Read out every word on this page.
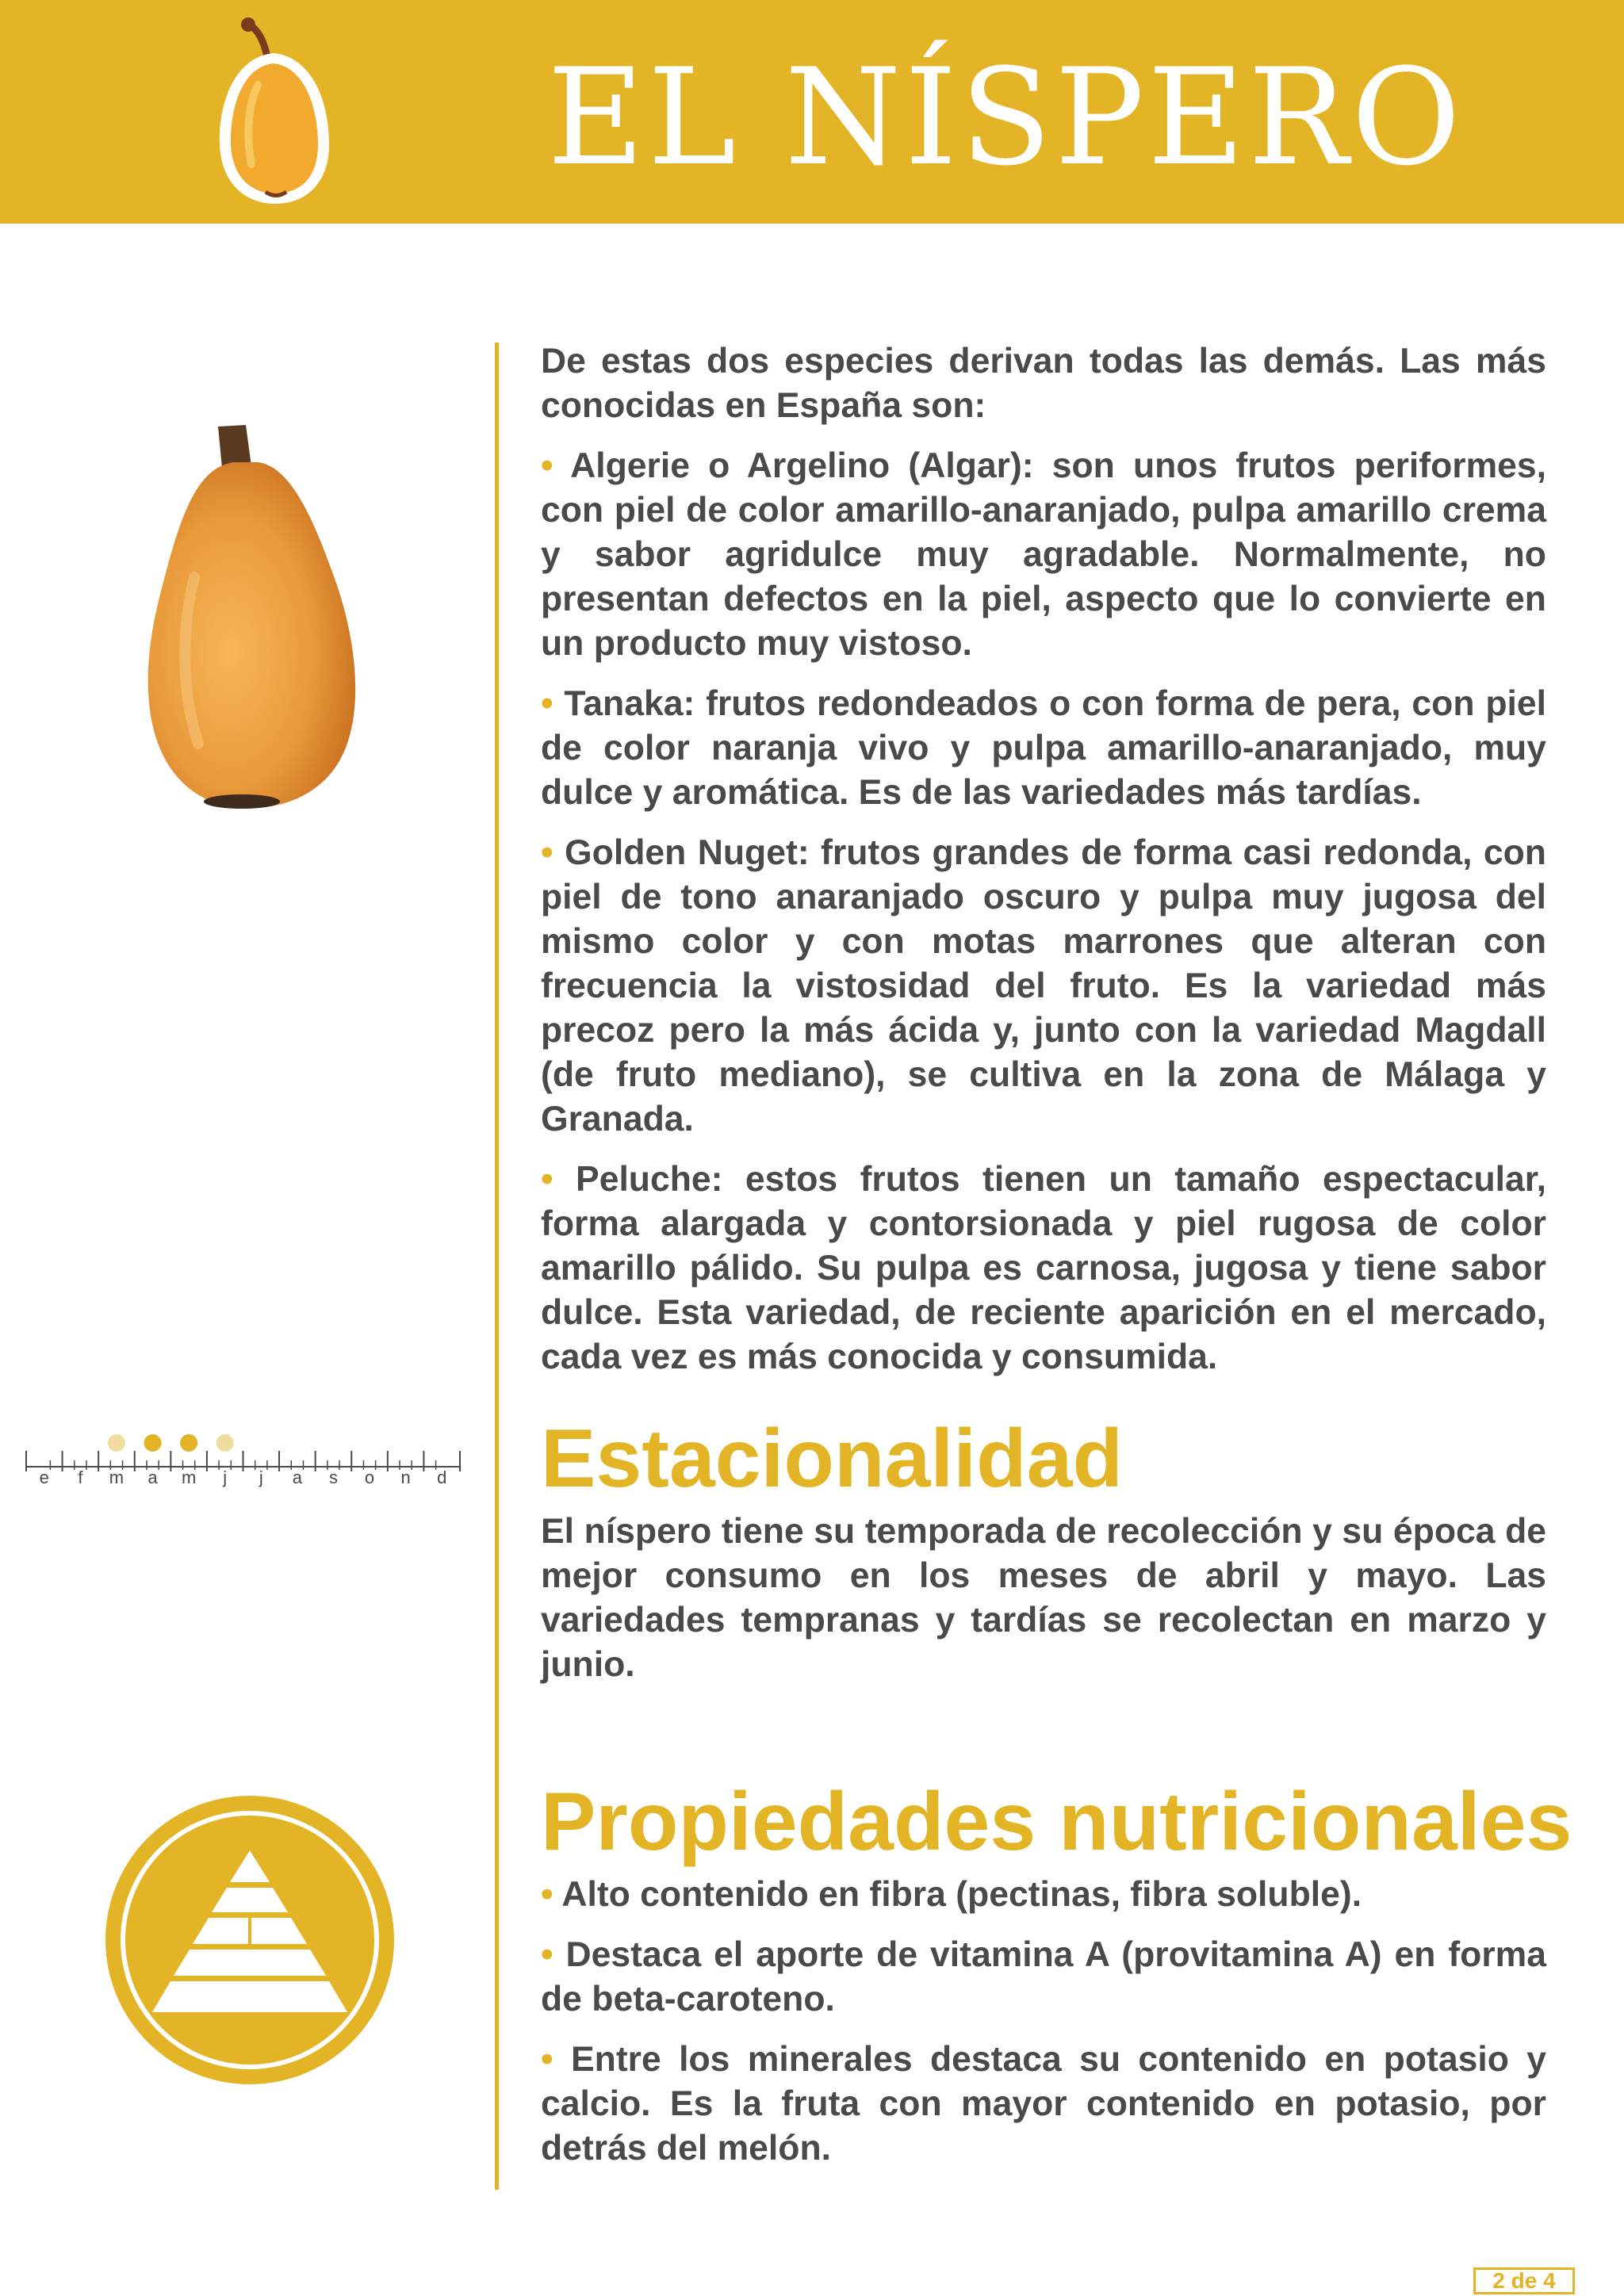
EL NÍSPERO

De estas dos especies derivan todas las demás. Las más conocidas en España son:

• Algerie o Argelino (Algar): son unos frutos periformes, con piel de color amarillo-anaranjado, pulpa amarillo crema y sabor agridulce muy agradable. Normalmente, no presentan defectos en la piel, aspecto que lo convierte en un producto muy vistoso.

• Tanaka: frutos redondeados o con forma de pera, con piel de color naranja vivo y pulpa amarillo-anaranjado, muy dulce y aromática. Es de las variedades más tardías.

• Golden Nuget: frutos grandes de forma casi redonda, con piel de tono anaranjado oscuro y pulpa muy jugosa del mismo color y con motas marrones que alteran con frecuencia la vistosidad del fruto. Es la variedad más precoz pero la más ácida y, junto con la variedad Magdall (de fruto mediano), se cultiva en la zona de Málaga y Granada.

• Peluche: estos frutos tienen un tamaño espectacular, forma alargada y contorsionada y piel rugosa de color amarillo pálido. Su pulpa es carnosa, jugosa y tiene sabor dulce. Esta variedad, de reciente aparición en el mercado, cada vez es más conocida y consumida.

e f m a m j j a s o n d Estacionalidad

El níspero tiene su temporada de recolección y su época de mejor consumo en los meses de abril y mayo. Las variedades tempranas y tardías se recolectan en marzo y junio.

Propiedades nutricionales

• Alto contenido en fibra (pectinas, fibra soluble).

• Destaca el aporte de vitamina A (provitamina A) en forma de beta-caroteno.

• Entre los minerales destaca su contenido en potasio y calcio. Es la fruta con mayor contenido en potasio, por detrás del melón.

2 de 4
